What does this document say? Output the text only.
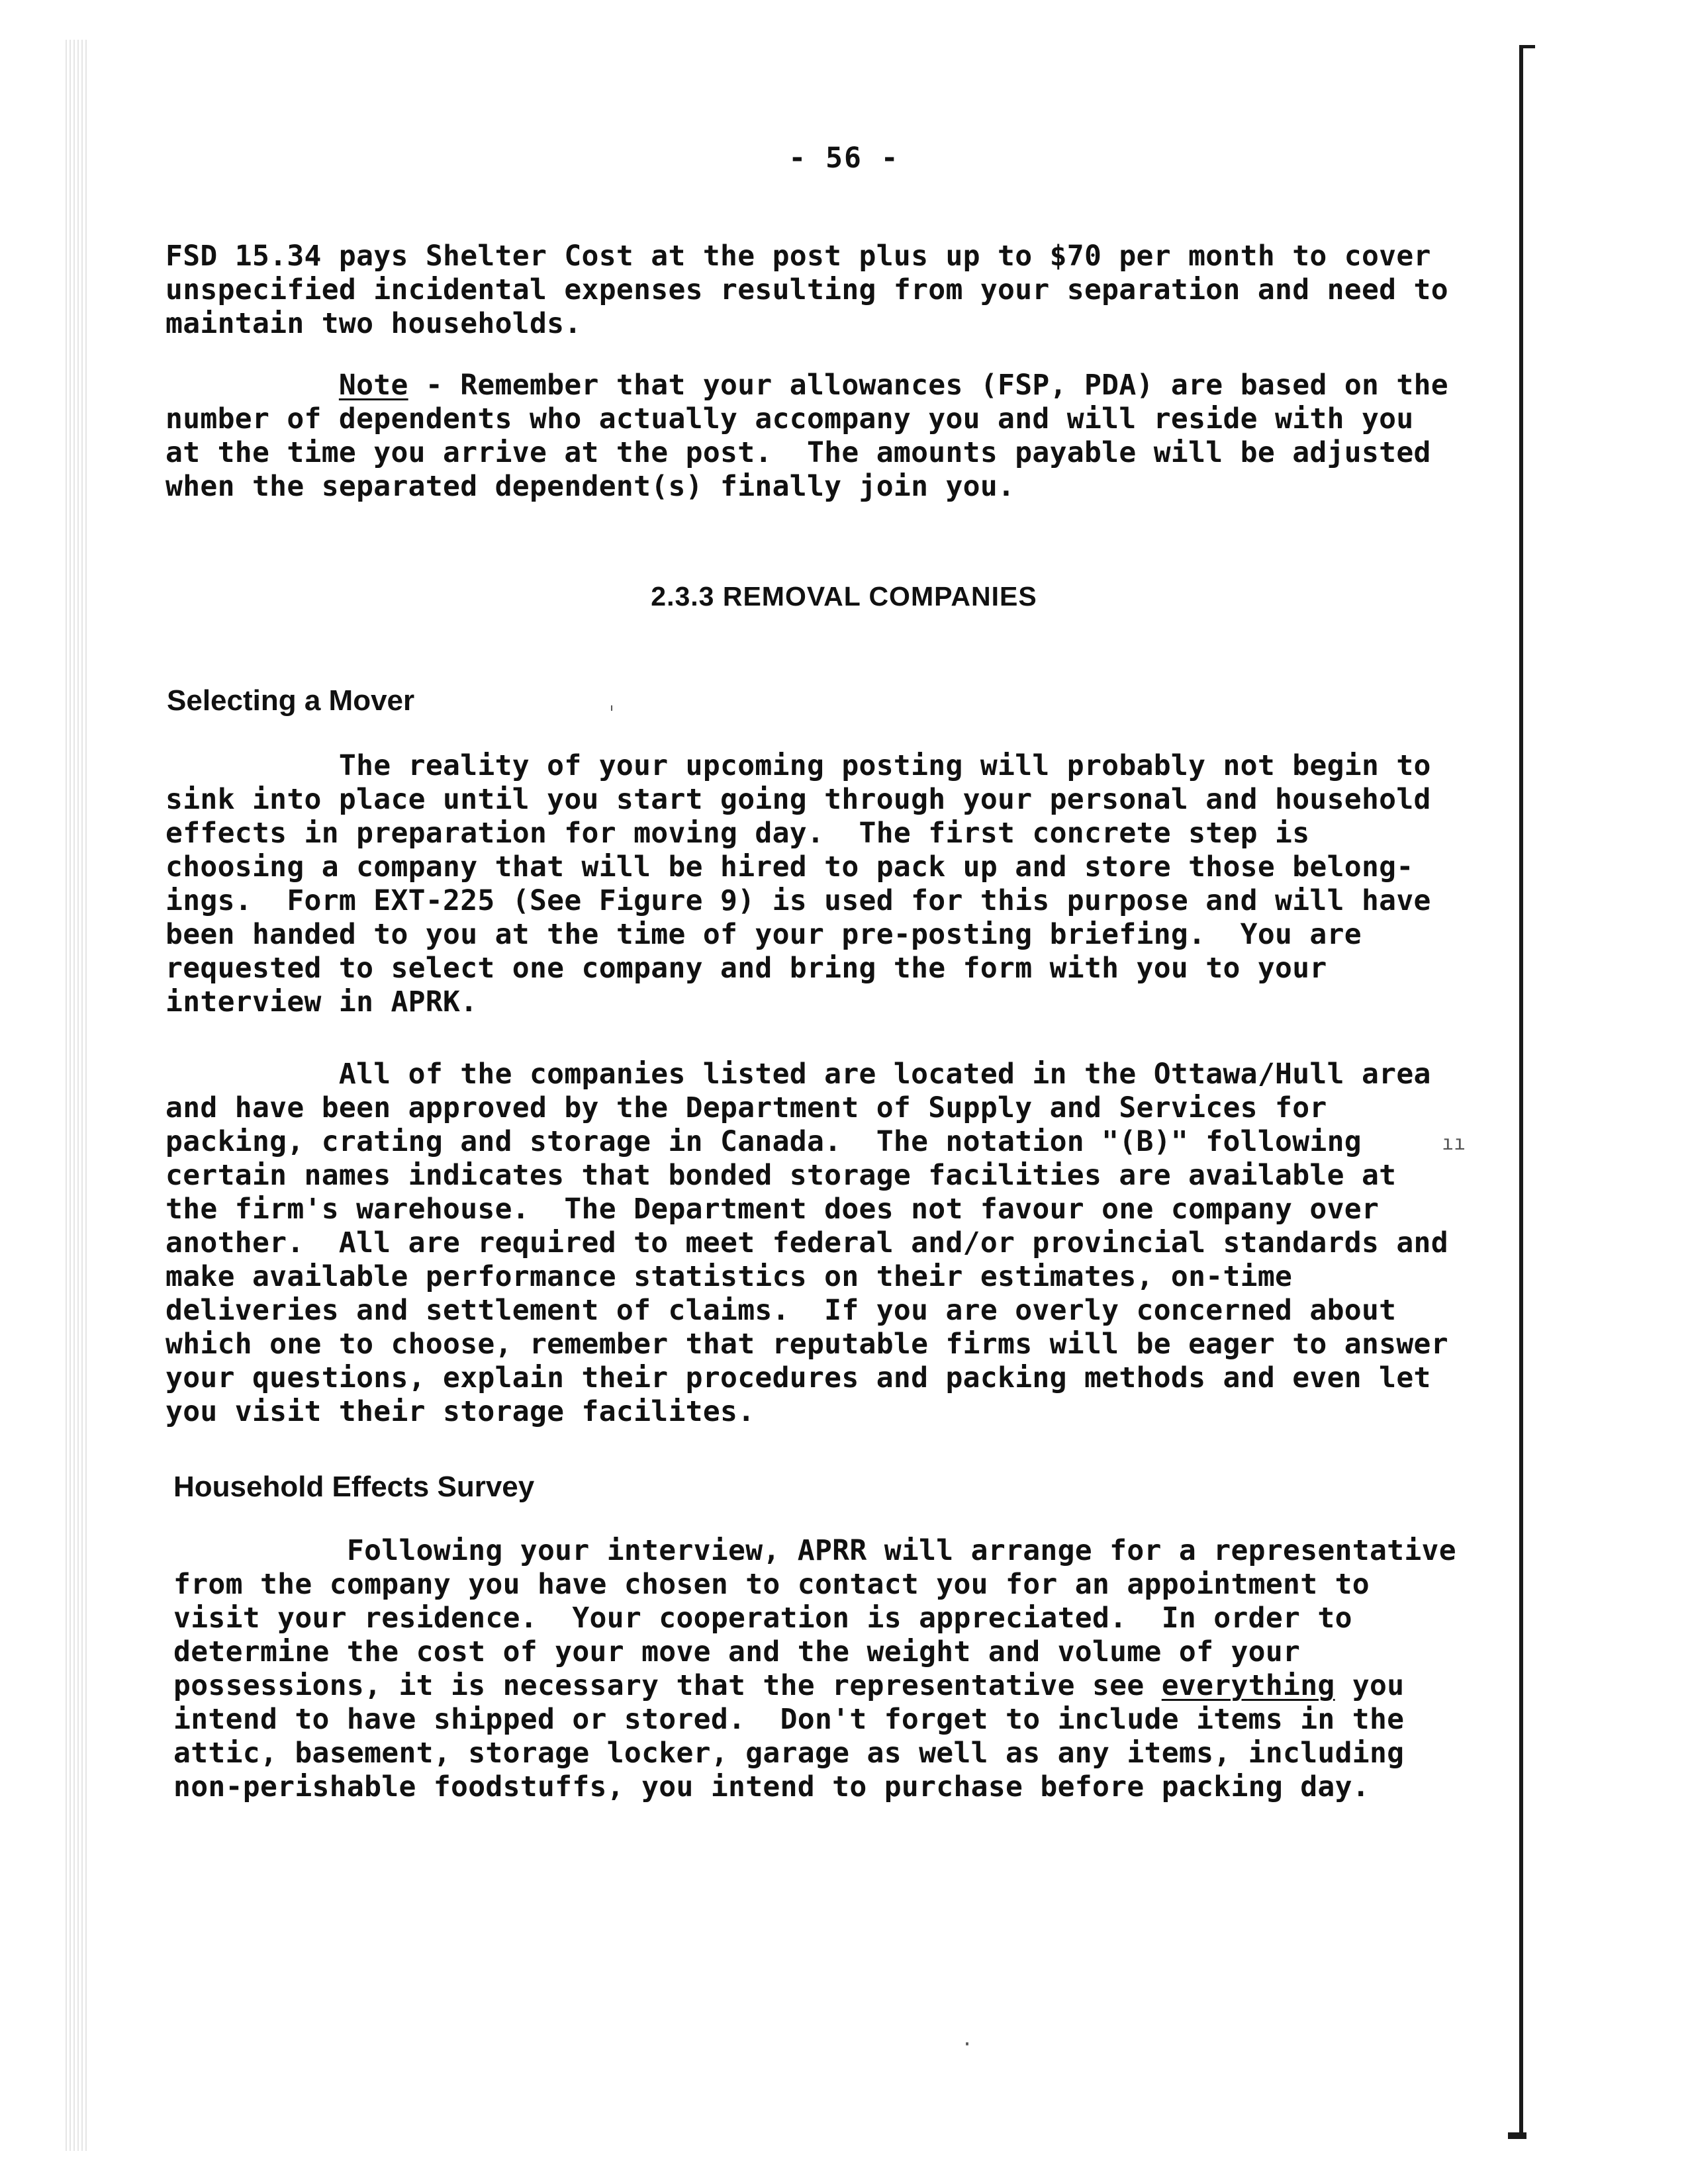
- 56 -
FSD 15.34 pays Shelter Cost at the post plus up to $70 per month to cover
unspecified incidental expenses resulting from your separation and need to
maintain two households.
Note - Remember that your allowances (FSP, PDA) are based on the
number of dependents who actually accompany you and will reside with you
at the time you arrive at the post.  The amounts payable will be adjusted
when the separated dependent(s) finally join you.
2.3.3 REMOVAL COMPANIES
Selecting a Mover	ˈ
The reality of your upcoming posting will probably not begin to
sink into place until you start going through your personal and household
effects in preparation for moving day.  The first concrete step is
choosing a company that will be hired to pack up and store those belong-
ings.  Form EXT-225 (See Figure 9) is used for this purpose and will have
been handed to you at the time of your pre-posting briefing.  You are
requested to select one company and bring the form with you to your
interview in APRK.
All of the companies listed are located in the Ottawa/Hull area
and have been approved by the Department of Supply and Services for
packing, crating and storage in Canada.  The notation "(B)" following
certain names indicates that bonded storage facilities are available at
the firm's warehouse.  The Department does not favour one company over
another.  All are required to meet federal and/or provincial standards and
make available performance statistics on their estimates, on-time
deliveries and settlement of claims.  If you are overly concerned about
which one to choose, remember that reputable firms will be eager to answer
your questions, explain their procedures and packing methods and even let
you visit their storage facilites.
ıı
Household Effects Survey
Following your interview, APRR will arrange for a representative
from the company you have chosen to contact you for an appointment to
visit your residence.  Your cooperation is appreciated.  In order to
determine the cost of your move and the weight and volume of your
possessions, it is necessary that the representative see everything you
intend to have shipped or stored.  Don't forget to include items in the
attic, basement, storage locker, garage as well as any items, including
non-perishable foodstuffs, you intend to purchase before packing day.
·
